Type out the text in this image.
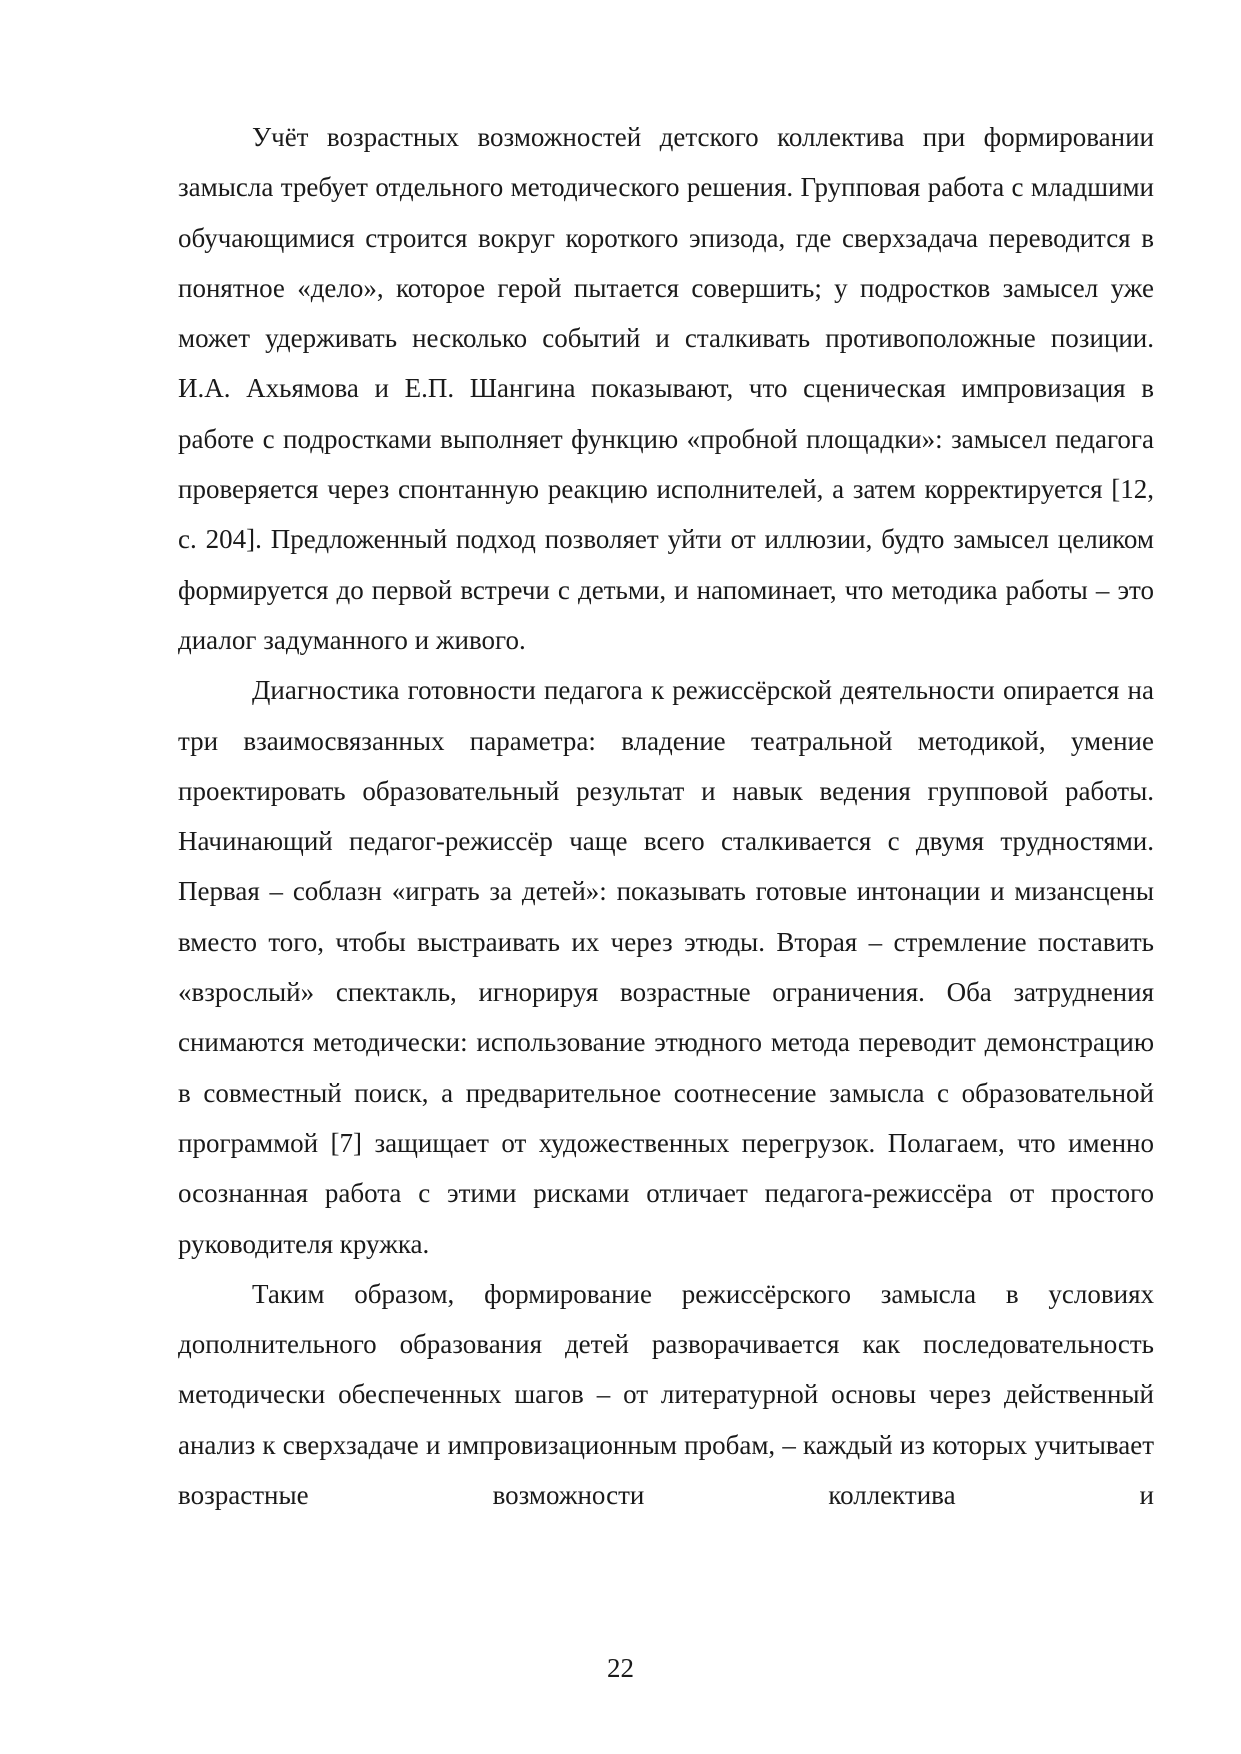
Учёт возрастных возможностей детского коллектива при формировании замысла требует отдельного методического решения. Групповая работа с младшими обучающимися строится вокруг короткого эпизода, где сверхзадача переводится в понятное «дело», которое герой пытается совершить; у подростков замысел уже может удерживать несколько событий и сталкивать противоположные позиции. И.А. Ахьямова и Е.П. Шангина показывают, что сценическая импровизация в работе с подростками выполняет функцию «пробной площадки»: замысел педагога проверяется через спонтанную реакцию исполнителей, а затем корректируется [12, с. 204]. Предложенный подход позволяет уйти от иллюзии, будто замысел целиком формируется до первой встречи с детьми, и напоминает, что методика работы – это диалог задуманного и живого.

Диагностика готовности педагога к режиссёрской деятельности опирается на три взаимосвязанных параметра: владение театральной методикой, умение проектировать образовательный результат и навык ведения групповой работы. Начинающий педагог-режиссёр чаще всего сталкивается с двумя трудностями. Первая – соблазн «играть за детей»: показывать готовые интонации и мизансцены вместо того, чтобы выстраивать их через этюды. Вторая – стремление поставить «взрослый» спектакль, игнорируя возрастные ограничения. Оба затруднения снимаются методически: использование этюдного метода переводит демонстрацию в совместный поиск, а предварительное соотнесение замысла с образовательной программой [7] защищает от художественных перегрузок. Полагаем, что именно осознанная работа с этими рисками отличает педагога-режиссёра от простого руководителя кружка.

Таким образом, формирование режиссёрского замысла в условиях дополнительного образования детей разворачивается как последовательность методически обеспеченных шагов – от литературной основы через действенный анализ к сверхзадаче и импровизационным пробам, – каждый из которых учитывает возрастные возможности коллектива и

22
